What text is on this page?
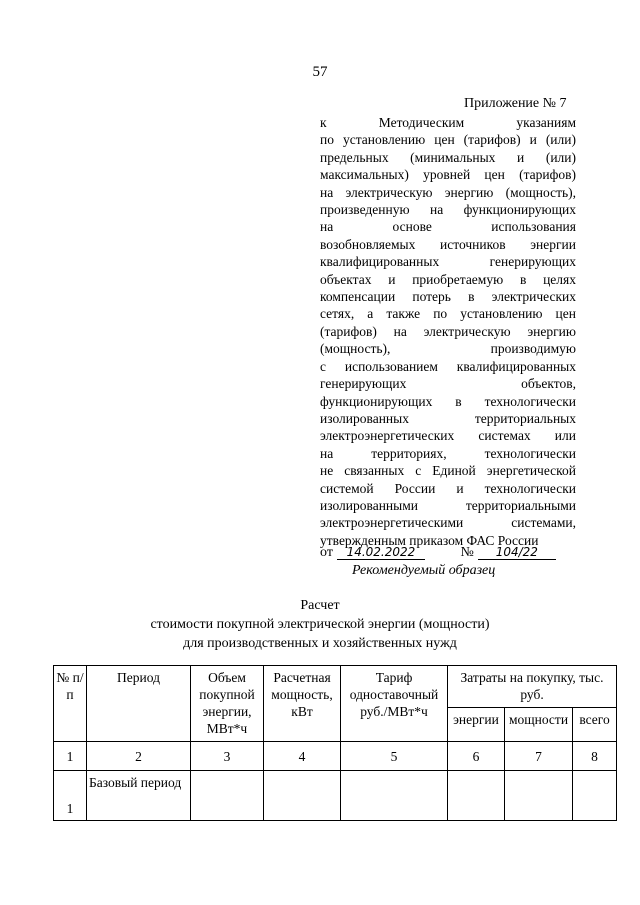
57
Приложение № 7
к Методическим указаниям
по установлению цен (тарифов) и (или)
предельных (минимальных и (или)
максимальных) уровней цен (тарифов)
на электрическую энергию (мощность),
произведенную на функционирующих
на основе использования
возобновляемых источников энергии
квалифицированных генерирующих
объектах и приобретаемую в целях
компенсации потерь в электрических
сетях, а также по установлению цен
(тарифов) на электрическую энергию
(мощность), производимую
с использованием квалифицированных
генерирующих объектов,
функционирующих в технологически
изолированных территориальных
электроэнергетических системах или
на территориях, технологически
не связанных с Единой энергетической
системой России и технологически
изолированными территориальными
электроэнергетическими системами,
утвержденным приказом ФАС России
от 14.02.2022	№ 104/22
Рекомендуемый образец
Расчет
стоимости покупной электрической энергии (мощности)
для производственных и хозяйственных нужд
№ п/п	Период	Объем покупной энергии, МВт*ч	Расчетная мощность, кВт	Тариф одноставочный руб./МВт*ч	Затраты на покупку, тыс. руб.		
					энергии	мощности	всего
1	2	3	4	5	6	7	8
1	Базовый период						
